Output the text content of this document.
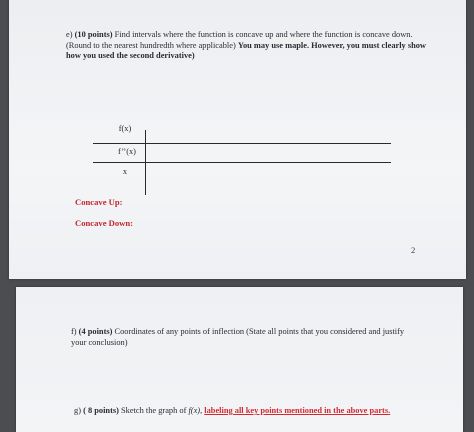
e) (10 points) Find intervals where the function is concave up and where the function is concave down. (Round to the nearest hundredth where applicable) You may use maple. However, you must clearly show how you used the second derivative)
f(x)
f’’(x)
x
Concave Up:
Concave Down:
2
f) (4 points) Coordinates of any points of inflection (State all points that you considered and justify your conclusion)
g) ( 8 points) Sketch the graph of f(x), labeling all key points mentioned in the above parts.
